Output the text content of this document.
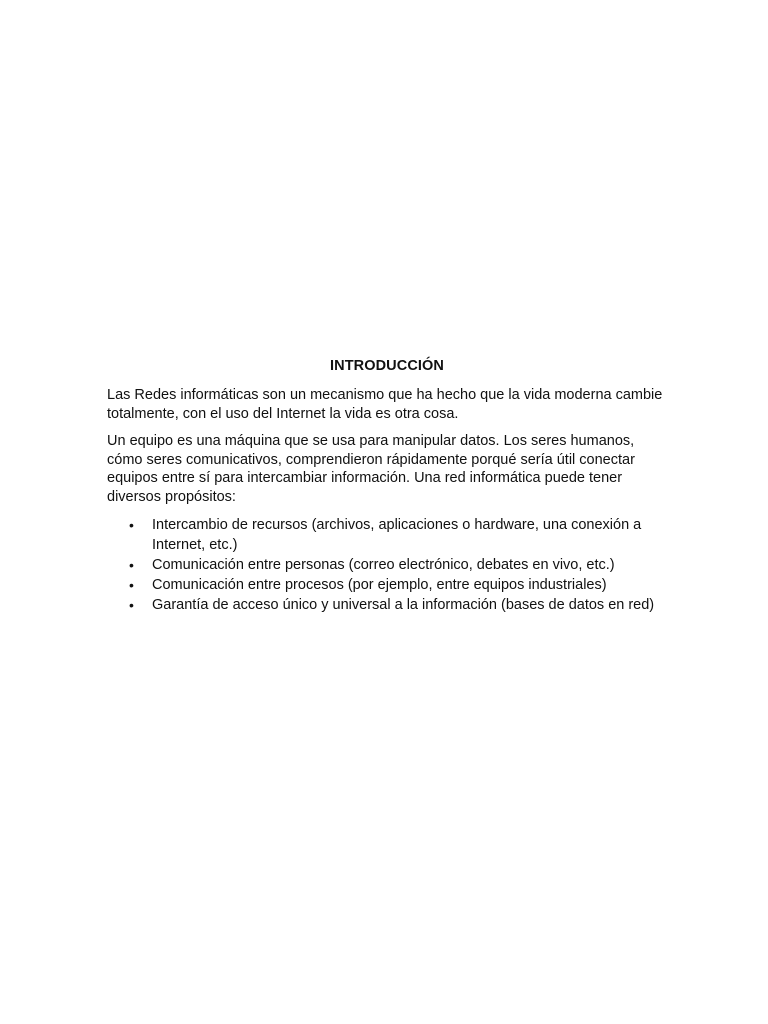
INTRODUCCIÓN

Las Redes informáticas son un mecanismo que ha hecho que la vida moderna cambie totalmente, con el uso del Internet la vida es otra cosa.

Un equipo es una máquina que se usa para manipular datos. Los seres humanos, cómo seres comunicativos, comprendieron rápidamente porqué sería útil conectar equipos entre sí para intercambiar información. Una red informática puede tener diversos propósitos:

• Intercambio de recursos (archivos, aplicaciones o hardware, una conexión a Internet, etc.)
• Comunicación entre personas (correo electrónico, debates en vivo, etc.)
• Comunicación entre procesos (por ejemplo, entre equipos industriales)
• Garantía de acceso único y universal a la información (bases de datos en red)
